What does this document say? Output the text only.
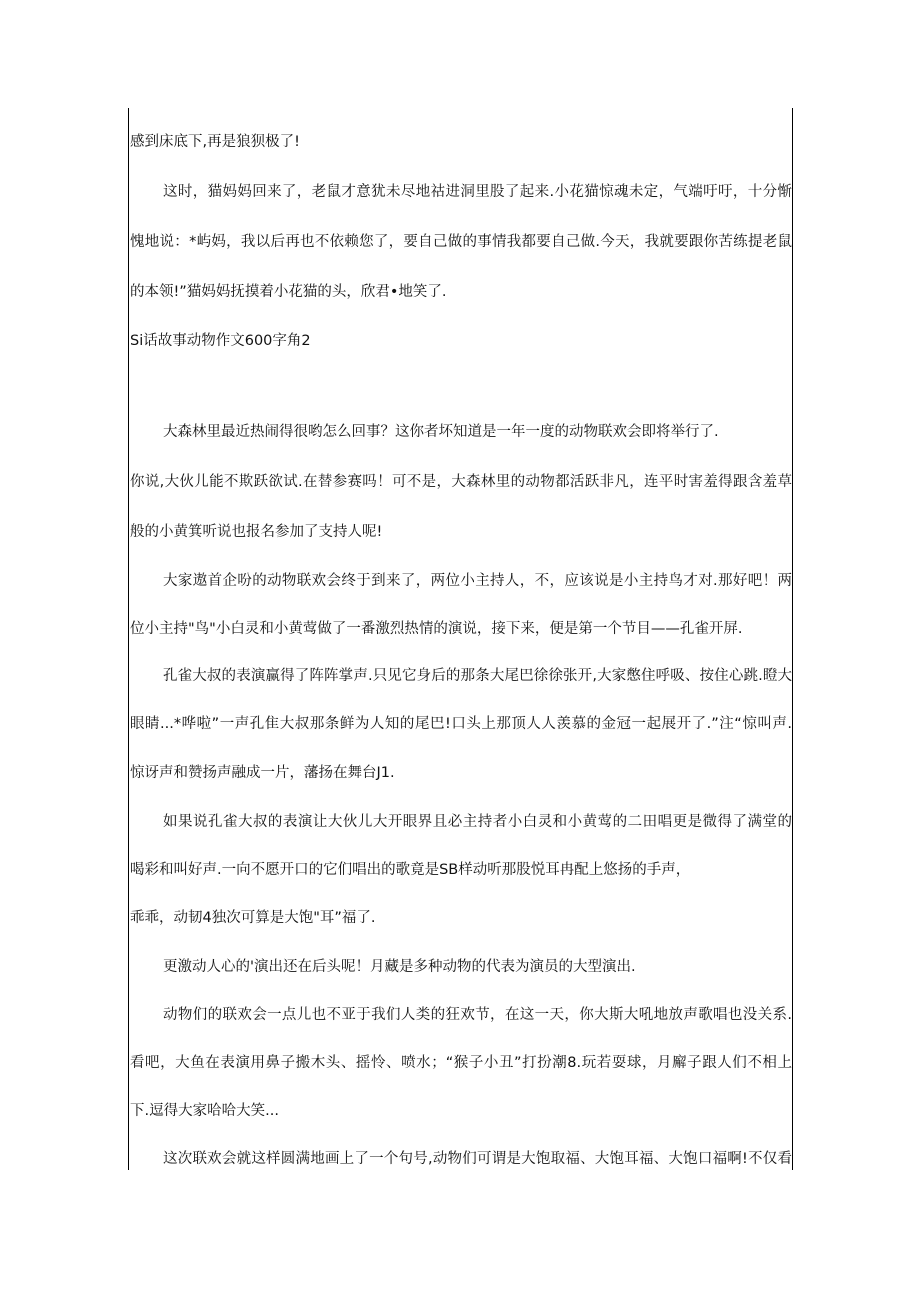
感到床底下,再是狼狈极了!
这时，猫妈妈回来了，老鼠才意犹未尽地祜进洞里股了起来.小花猫惊魂未定，气端吁吁，十分惭
愧地说：*屿妈，我以后再也不依赖您了，要自己做的事情我都要自己做.今天，我就要跟你苦练提老鼠
的本领!”猫妈妈抚摸着小花猫的头，欣君•地笑了.
Si话故事动物作文600字角2
大森林里最近热闹得很哟怎么回事？这你者坏知道是一年一度的动物联欢会即将举行了.
你说,大伙儿能不欺跃欲试.在替参赛吗！可不是，大森林里的动物都活跃非凡，连平时害羞得跟含羞草
般的小黄箕听说也报名参加了支持人呢!
大家遨首企吩的动物联欢会终于到来了，两位小主持人，不，应该说是小主持鸟才对.那好吧！两
位小主持"鸟"小白灵和小黄莺做了一番激烈热情的演说，接下来，便是第一个节目——孔雀开屏.
孔雀大叔的表演赢得了阵阵掌声.只见它身后的那条大尾巴徐徐张开,大家憋住呼吸、按住心跳.瞪大
眼睛...*哗啦”一声孔隹大叔那条鲜为人知的尾巴!口头上那顶人人羡慕的金冠一起展开了.”注“惊叫声.
惊讶声和赞扬声融成一片，藩扬在舞台J1.
如果说孔雀大叔的表演让大伙儿大开眼界且必主持者小白灵和小黄莺的二田唱更是微得了满堂的
喝彩和叫好声.一向不愿开口的它们唱出的歌竟是SB样动听那股悦耳冉配上悠扬的手声，
乖乖，动韧4独次可算是大饱"耳”福了.
更激动人心的'演出还在后头呢！月藏是多种动物的代表为演员的大型演出.
动物们的联欢会一点儿也不亚于我们人类的狂欢节，在这一天，你大斯大吼地放声歌唱也没关系.
看吧，大鱼在表演用鼻子搬木头、摇怜、喷水；“猴子小丑”打扮潮8.玩若耍球，月廨子跟人们不相上
下.逗得大家哈哈大笑...
这次联欢会就这样圆满地画上了一个句号,动物们可谓是大饱取福、大饱耳福、大饱口福啊!不仅看
